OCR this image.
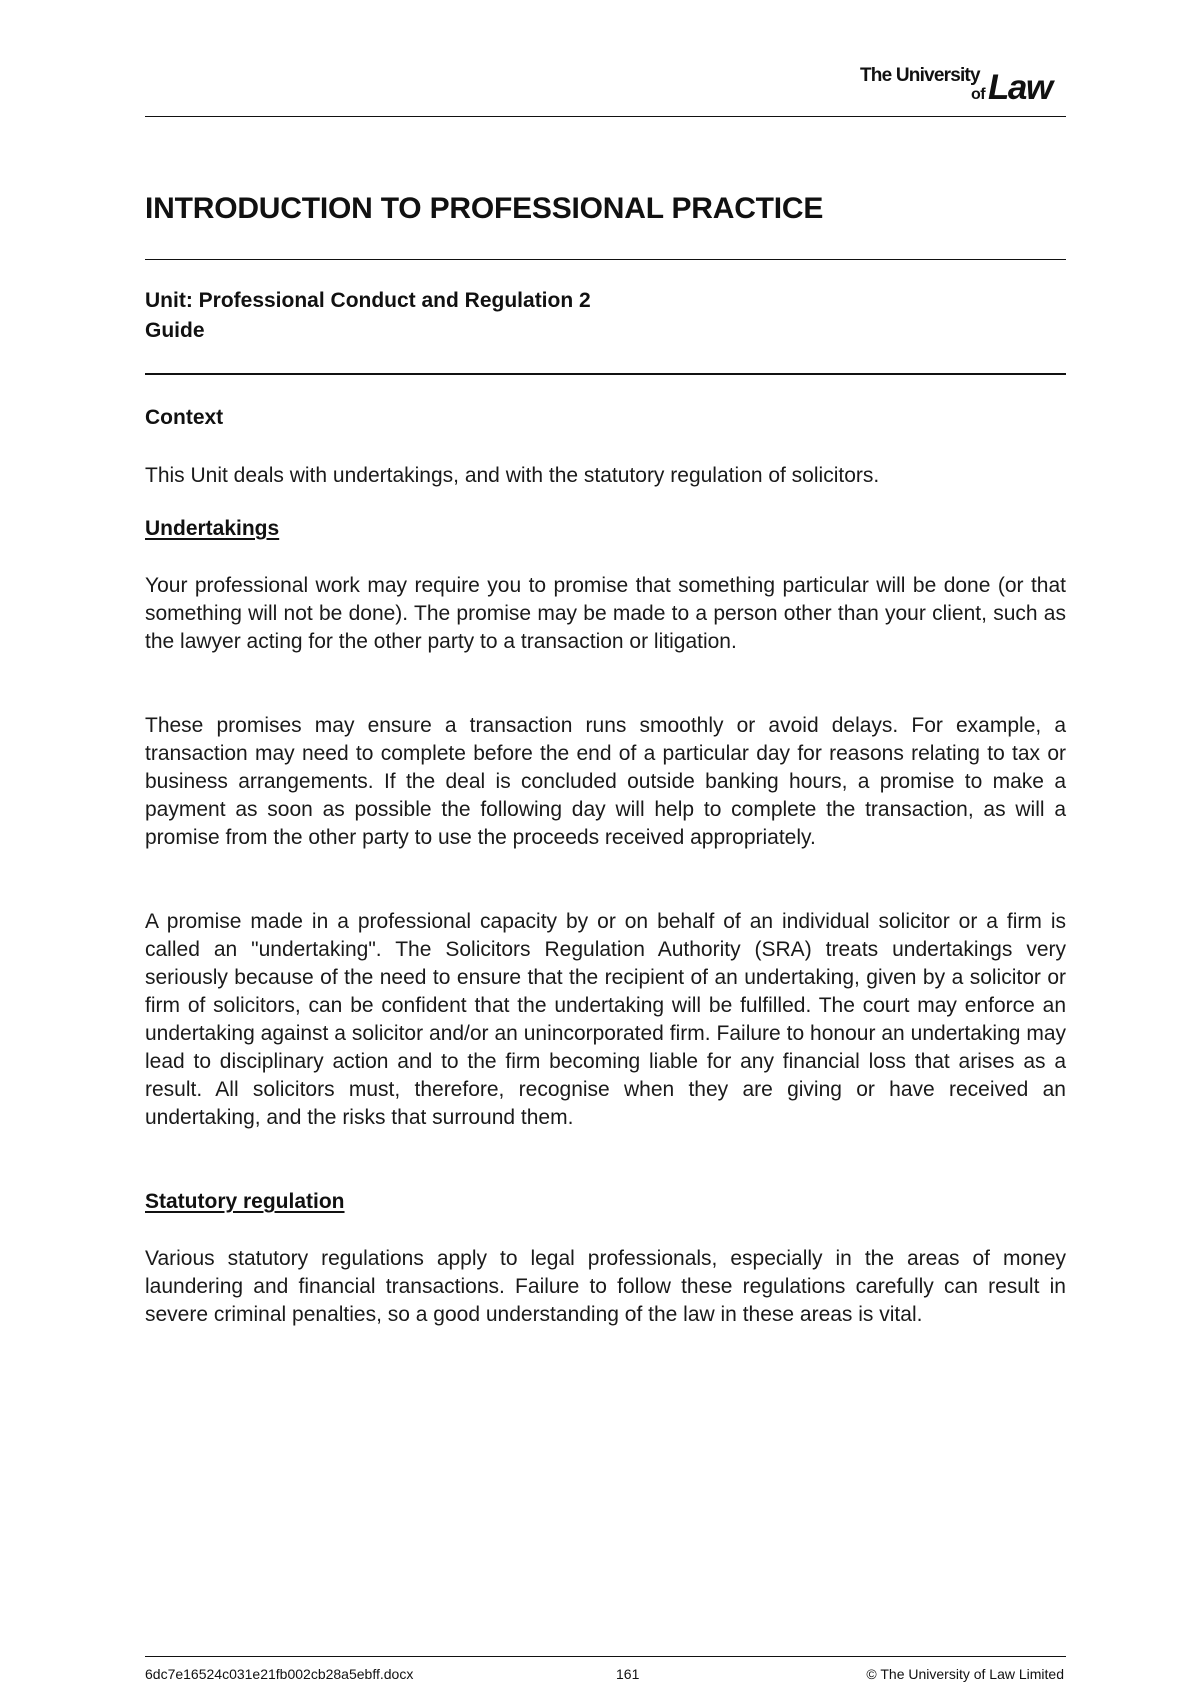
The University
of Law
INTRODUCTION TO PROFESSIONAL PRACTICE
Unit: Professional Conduct and Regulation 2
Guide
Context

This Unit deals with undertakings, and with the statutory regulation of solicitors.

Undertakings

Your professional work may require you to promise that something particular will be done (or that something will not be done). The promise may be made to a person other than your client, such as the lawyer acting for the other party to a transaction or litigation.

These promises may ensure a transaction runs smoothly or avoid delays. For example, a transaction may need to complete before the end of a particular day for reasons relating to tax or business arrangements. If the deal is concluded outside banking hours, a promise to make a payment as soon as possible the following day will help to complete the transaction, as will a promise from the other party to use the proceeds received appropriately.

A promise made in a professional capacity by or on behalf of an individual solicitor or a firm is called an "undertaking". The Solicitors Regulation Authority (SRA) treats undertakings very seriously because of the need to ensure that the recipient of an undertaking, given by a solicitor or firm of solicitors, can be confident that the undertaking will be fulfilled. The court may enforce an undertaking against a solicitor and/or an unincorporated firm. Failure to honour an undertaking may lead to disciplinary action and to the firm becoming liable for any financial loss that arises as a result. All solicitors must, therefore, recognise when they are giving or have received an undertaking, and the risks that surround them.

Statutory regulation

Various statutory regulations apply to legal professionals, especially in the areas of money laundering and financial transactions. Failure to follow these regulations carefully can result in severe criminal penalties, so a good understanding of the law in these areas is vital.

6dc7e16524c031e21fb002cb28a5ebff.docx	161	© The University of Law Limited
